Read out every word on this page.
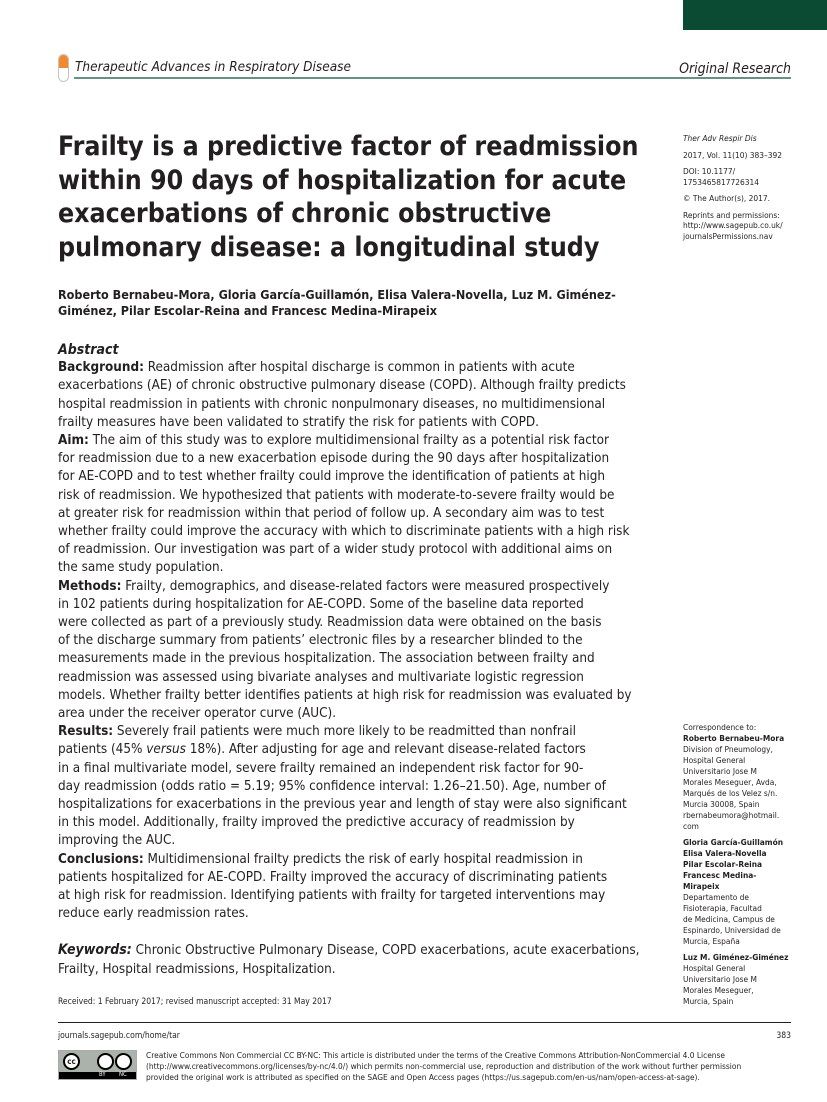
Therapeutic Advances in Respiratory Disease	Original Research
Frailty is a predictive factor of readmission
within 90 days of hospitalization for acute
exacerbations of chronic obstructive
pulmonary disease: a longitudinal study
Roberto Bernabeu-Mora, Gloria García-Guillamón, Elisa Valera-Novella, Luz M. Giménez-
Giménez, Pilar Escolar-Reina and Francesc Medina-Mirapeix
Abstract
Background: Readmission after hospital discharge is common in patients with acute
exacerbations (AE) of chronic obstructive pulmonary disease (COPD). Although frailty predicts
hospital readmission in patients with chronic nonpulmonary diseases, no multidimensional
frailty measures have been validated to stratify the risk for patients with COPD.
Aim: The aim of this study was to explore multidimensional frailty as a potential risk factor
for readmission due to a new exacerbation episode during the 90 days after hospitalization
for AE-COPD and to test whether frailty could improve the identification of patients at high
risk of readmission. We hypothesized that patients with moderate-to-severe frailty would be
at greater risk for readmission within that period of follow up. A secondary aim was to test
whether frailty could improve the accuracy with which to discriminate patients with a high risk
of readmission. Our investigation was part of a wider study protocol with additional aims on
the same study population.
Methods: Frailty, demographics, and disease-related factors were measured prospectively
in 102 patients during hospitalization for AE-COPD. Some of the baseline data reported
were collected as part of a previously study. Readmission data were obtained on the basis
of the discharge summary from patients’ electronic files by a researcher blinded to the
measurements made in the previous hospitalization. The association between frailty and
readmission was assessed using bivariate analyses and multivariate logistic regression
models. Whether frailty better identifies patients at high risk for readmission was evaluated by
area under the receiver operator curve (AUC).
Results: Severely frail patients were much more likely to be readmitted than nonfrail
patients (45% versus 18%). After adjusting for age and relevant disease-related factors
in a final multivariate model, severe frailty remained an independent risk factor for 90-
day readmission (odds ratio = 5.19; 95% confidence interval: 1.26–21.50). Age, number of
hospitalizations for exacerbations in the previous year and length of stay were also significant
in this model. Additionally, frailty improved the predictive accuracy of readmission by
improving the AUC.
Conclusions: Multidimensional frailty predicts the risk of early hospital readmission in
patients hospitalized for AE-COPD. Frailty improved the accuracy of discriminating patients
at high risk for readmission. Identifying patients with frailty for targeted interventions may
reduce early readmission rates.
Keywords: Chronic Obstructive Pulmonary Disease, COPD exacerbations, acute exacerbations,
Frailty, Hospital readmissions, Hospitalization.
Received: 1 February 2017; revised manuscript accepted: 31 May 2017
journals.sagepub.com/home/tar	383
cc
BY NC
Creative Commons Non Commercial CC BY-NC: This article is distributed under the terms of the Creative Commons Attribution-NonCommercial 4.0 License
(http://www.creativecommons.org/licenses/by-nc/4.0/) which permits non-commercial use, reproduction and distribution of the work without further permission
provided the original work is attributed as specified on the SAGE and Open Access pages (https://us.sagepub.com/en-us/nam/open-access-at-sage).

Ther Adv Respir Dis

2017, Vol. 11(10) 383–392

DOI: 10.1177/
1753465817726314

© The Author(s), 2017.

Reprints and permissions:
http://www.sagepub.co.uk/
journalsPermissions.nav

Correspondence to:

Roberto Bernabeu-Mora
Division of Pneumology,
Hospital General
Universitario Jose M
Morales Meseguer, Avda,
Marqués de los Velez s/n.
Murcia 30008, Spain
rbernabeumora@hotmail.
com

Gloria García-Guillamón
Elisa Valera-Novella
Pilar Escolar-Reina
Francesc Medina-
Mirapeix
Departamento de
Fisioterapia, Facultad
de Medicina, Campus de
Espinardo, Universidad de
Murcia, España

Luz M. Giménez-Giménez
Hospital General
Universitario Jose M
Morales Meseguer,
Murcia, Spain
